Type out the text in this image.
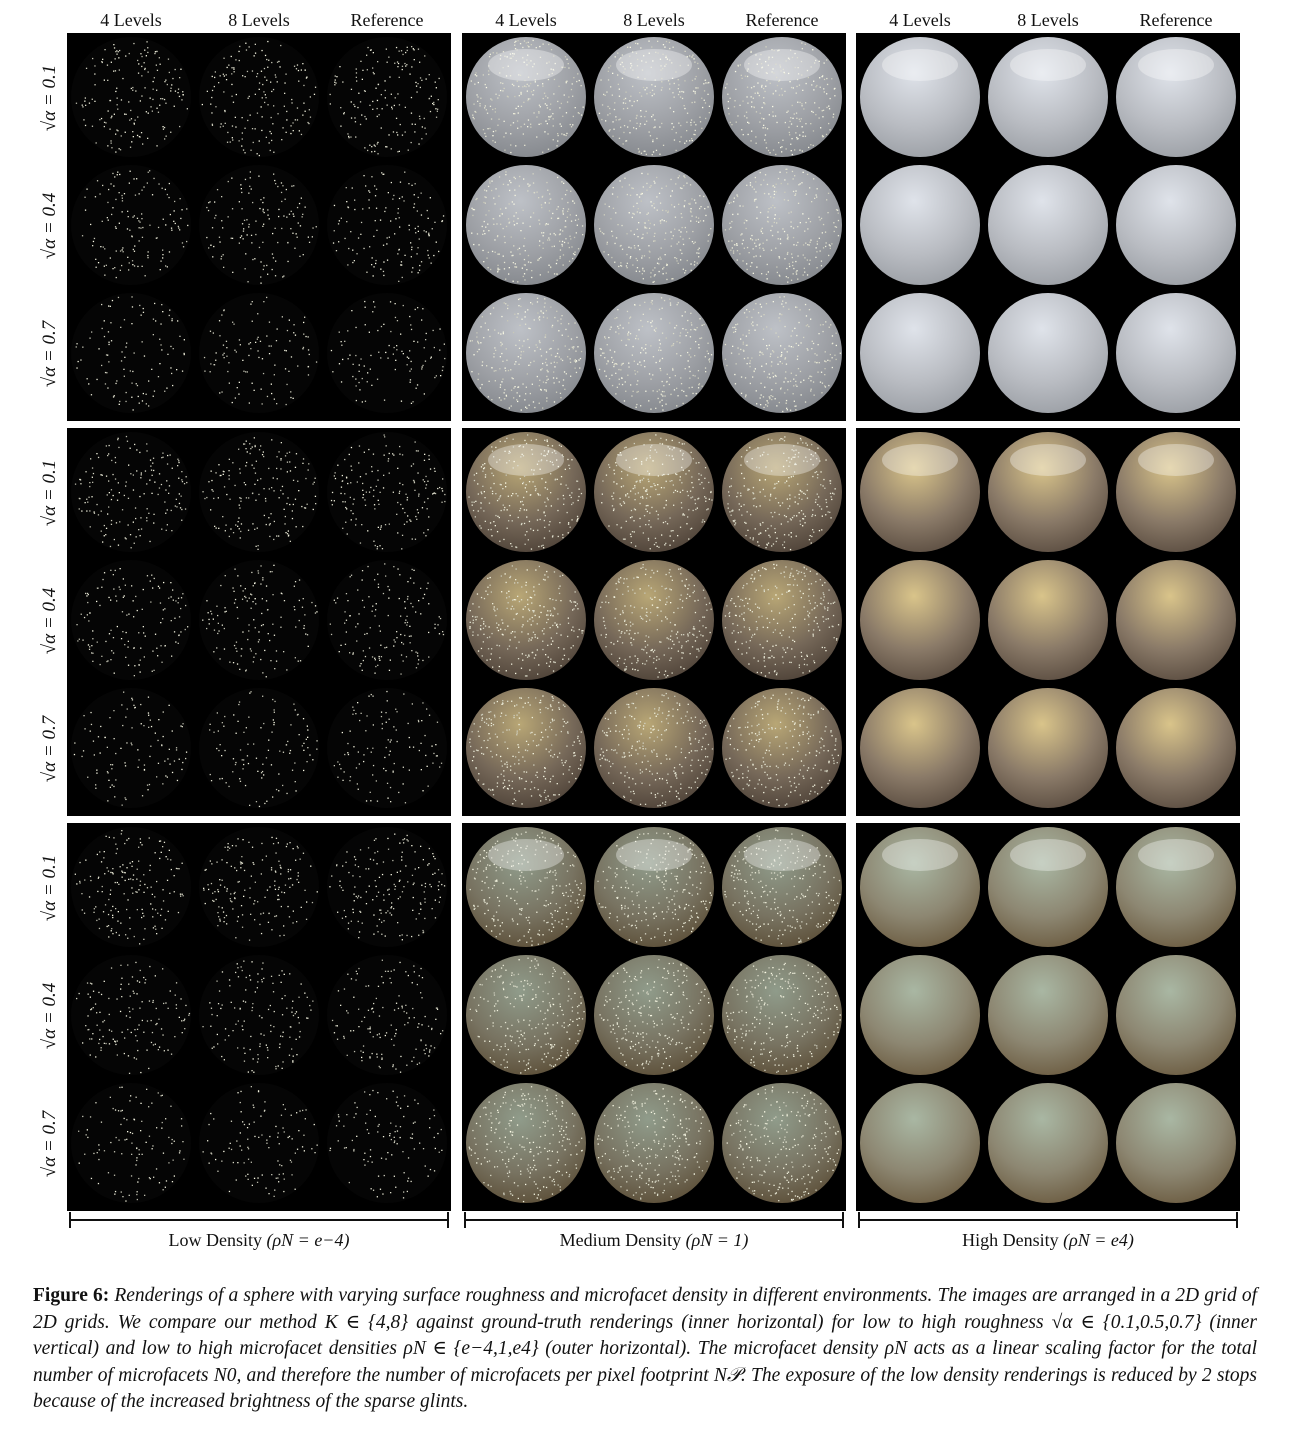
4 Levels	8 Levels	Reference	4 Levels	8 Levels	Reference	4 Levels	8 Levels	Reference
√α = 0.1
√α = 0.4
√α = 0.7
√α = 0.1
√α = 0.4
√α = 0.7
√α = 0.1
√α = 0.4
√α = 0.7
Low Density (ρN = e−4)	Medium Density (ρN = 1)	High Density (ρN = e4)
Figure 6: Renderings of a sphere with varying surface roughness and microfacet density in different environments. The images are arranged in a 2D grid of 2D grids. We compare our method K ∈ {4,8} against ground-truth renderings (inner horizontal) for low to high roughness √α ∈ {0.1,0.5,0.7} (inner vertical) and low to high microfacet densities ρN ∈ {e−4,1,e4} (outer horizontal). The microfacet density ρN acts as a linear scaling factor for the total number of microfacets N0, and therefore the number of microfacets per pixel footprint N𝒫. The exposure of the low density renderings is reduced by 2 stops because of the increased brightness of the sparse glints.
